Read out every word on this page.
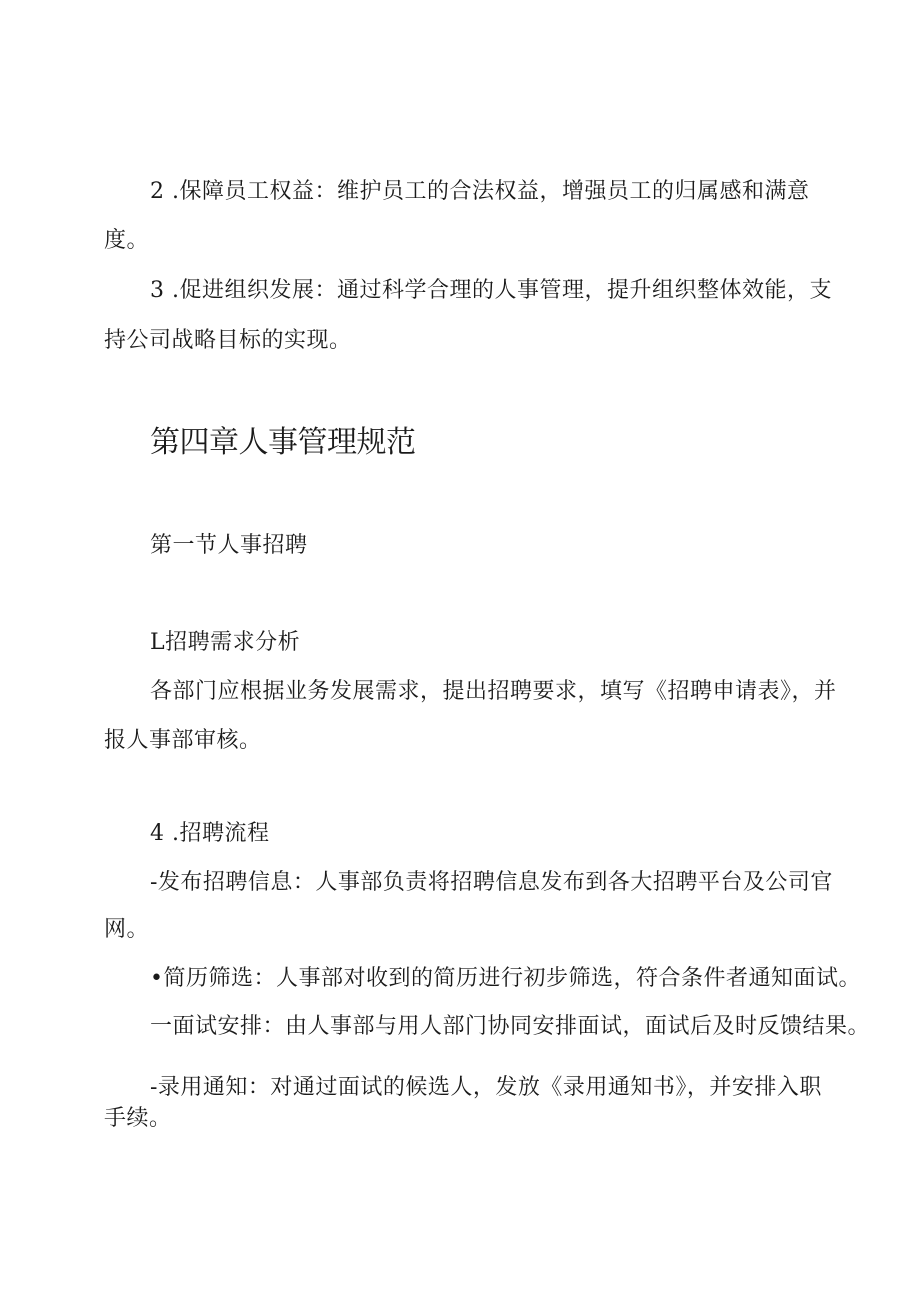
2 .保障员工权益：维护员工的合法权益，增强员工的归属感和满意

度。

3 .促进组织发展：通过科学合理的人事管理，提升组织整体效能，支

持公司战略目标的实现。

第四章人事管理规范

第一节人事招聘

L招聘需求分析

各部门应根据业务发展需求，提出招聘要求，填写《招聘申请表》，并

报人事部审核。

4 .招聘流程

-发布招聘信息：人事部负责将招聘信息发布到各大招聘平台及公司官

网。

•简历筛选：人事部对收到的简历进行初步筛选，符合条件者通知面试。

一面试安排：由人事部与用人部门协同安排面试，面试后及时反馈结果。

-录用通知：对通过面试的候选人，发放《录用通知书》，并安排入职

手续。
